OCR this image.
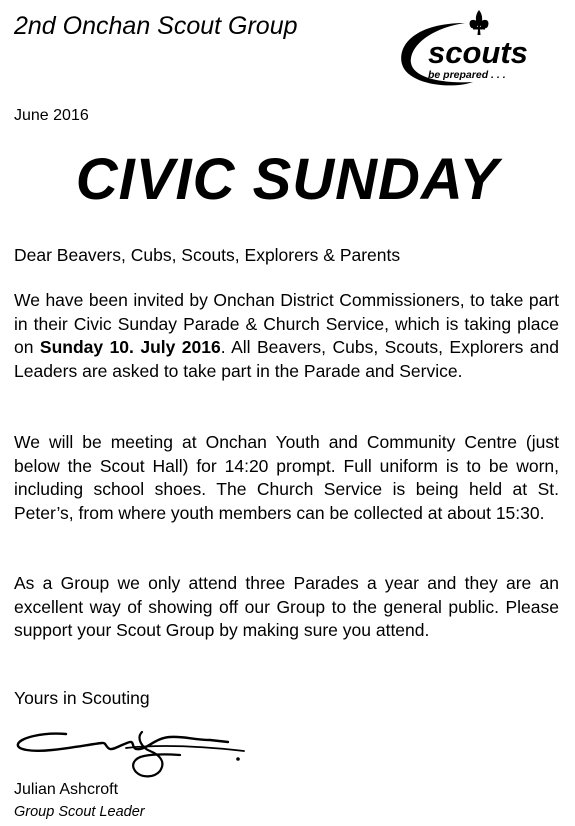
2nd Onchan Scout Group
scouts
be prepared . . .
June 2016
CIVIC SUNDAY
Dear Beavers, Cubs, Scouts, Explorers & Parents

We have been invited by Onchan District Commissioners, to take part in their Civic Sunday Parade & Church Service, which is taking place on Sunday 10. July 2016. All Beavers, Cubs, Scouts, Explorers and Leaders are asked to take part in the Parade and Service.

We will be meeting at Onchan Youth and Community Centre (just below the Scout Hall) for 14:20 prompt. Full uniform is to be worn, including school shoes. The Church Service is being held at St. Peter’s, from where youth members can be collected at about 15:30.

As a Group we only attend three Parades a year and they are an excellent way of showing off our Group to the general public. Please support your Scout Group by making sure you attend.

Yours in Scouting
Julian Ashcroft
Group Scout Leader
